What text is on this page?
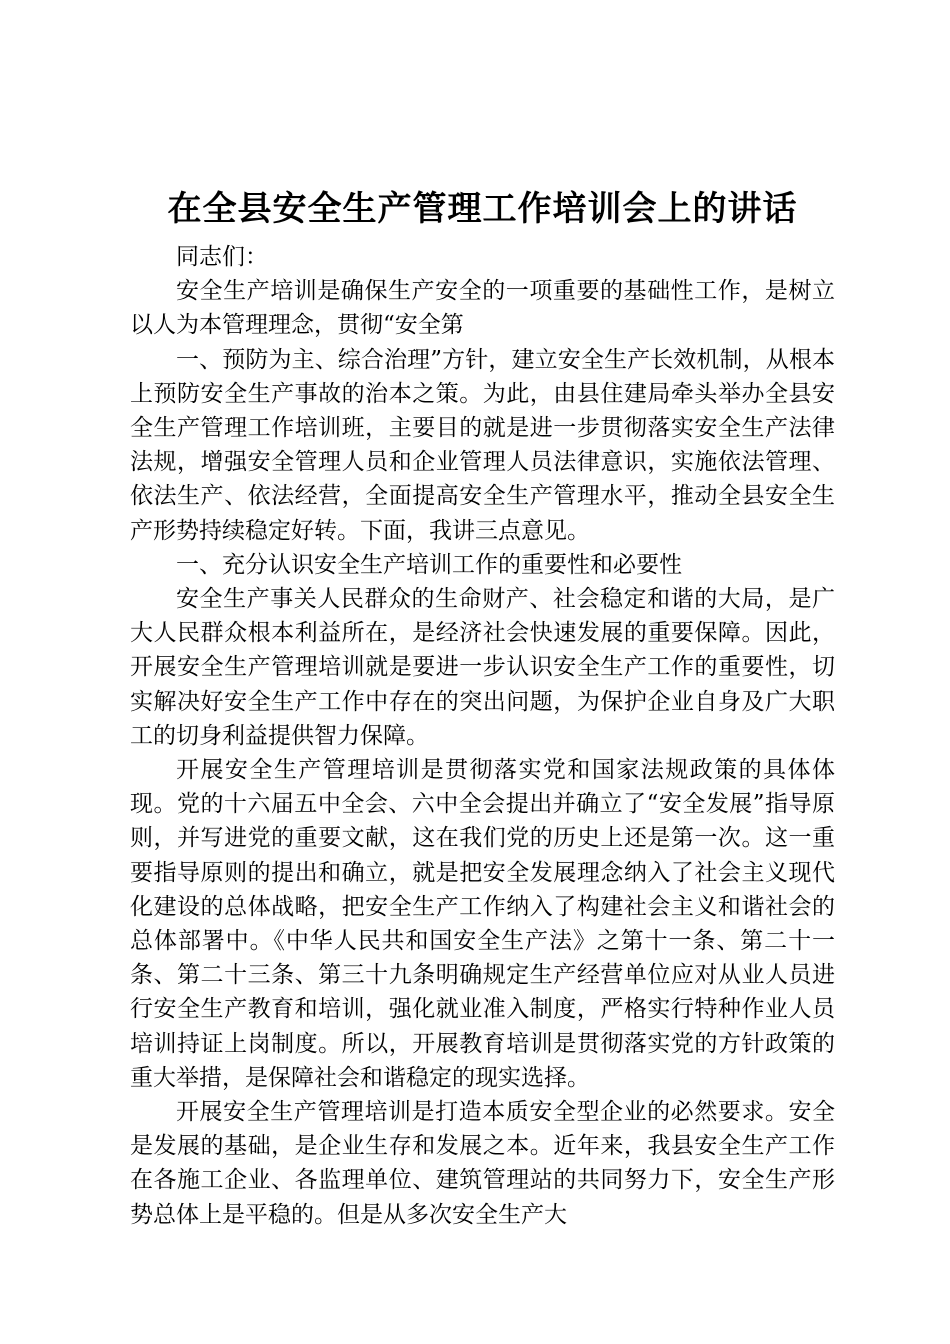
在全县安全生产管理工作培训会上的讲话

同志们：

安全生产培训是确保生产安全的一项重要的基础性工作，是树立以人为本管理理念，贯彻“安全第

一、预防为主、综合治理”方针，建立安全生产长效机制，从根本上预防安全生产事故的治本之策。为此，由县住建局牵头举办全县安全生产管理工作培训班，主要目的就是进一步贯彻落实安全生产法律法规，增强安全管理人员和企业管理人员法律意识，实施依法管理、依法生产、依法经营，全面提高安全生产管理水平，推动全县安全生产形势持续稳定好转。下面，我讲三点意见。

一、充分认识安全生产培训工作的重要性和必要性

安全生产事关人民群众的生命财产、社会稳定和谐的大局，是广大人民群众根本利益所在，是经济社会快速发展的重要保障。因此，开展安全生产管理培训就是要进一步认识安全生产工作的重要性，切实解决好安全生产工作中存在的突出问题，为保护企业自身及广大职工的切身利益提供智力保障。

开展安全生产管理培训是贯彻落实党和国家法规政策的具体体现。党的十六届五中全会、六中全会提出并确立了“安全发展”指导原则，并写进党的重要文献，这在我们党的历史上还是第一次。这一重要指导原则的提出和确立，就是把安全发展理念纳入了社会主义现代化建设的总体战略，把安全生产工作纳入了构建社会主义和谐社会的总体部署中。《中华人民共和国安全生产法》之第十一条、第二十一条、第二十三条、第三十九条明确规定生产经营单位应对从业人员进行安全生产教育和培训，强化就业准入制度，严格实行特种作业人员培训持证上岗制度。所以，开展教育培训是贯彻落实党的方针政策的重大举措，是保障社会和谐稳定的现实选择。

开展安全生产管理培训是打造本质安全型企业的必然要求。安全是发展的基础，是企业生存和发展之本。近年来，我县安全生产工作在各施工企业、各监理单位、建筑管理站的共同努力下，安全生产形势总体上是平稳的。但是从多次安全生产大
